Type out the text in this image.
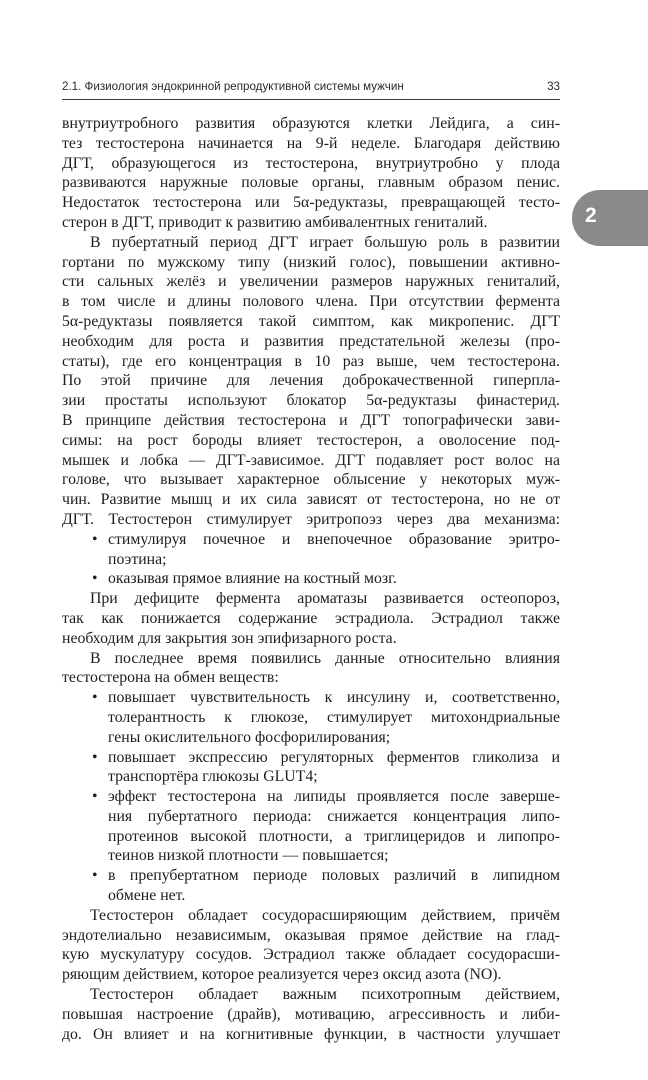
2.1. Физиология эндокринной репродуктивной системы мужчин	33
2
внутриутробного развития образуются клетки Лейдига, а син-
тез тестостерона начинается на 9-й неделе. Благодаря действию
ДГТ, образующегося из тестостерона, внутриутробно у плода
развиваются наружные половые органы, главным образом пенис.
Недостаток тестостерона или 5α-редуктазы, превращающей тесто-
стерон в ДГТ, приводит к развитию амбивалентных гениталий.
В пубертатный период ДГТ играет большую роль в развитии
гортани по мужскому типу (низкий голос), повышении активно-
сти сальных желёз и увеличении размеров наружных гениталий,
в том числе и длины полового члена. При отсутствии фермента
5α-редуктазы появляется такой симптом, как микропенис. ДГТ
необходим для роста и развития предстательной железы (про-
статы), где его концентрация в 10 раз выше, чем тестостерона.
По этой причине для лечения доброкачественной гиперпла-
зии простаты используют блокатор 5α-редуктазы финастерид.
В принципе действия тестостерона и ДГТ топографически зави-
симы: на рост бороды влияет тестостерон, а оволосение под-
мышек и лобка — ДГТ-зависимое. ДГТ подавляет рост волос на
голове, что вызывает характерное облысение у некоторых муж-
чин. Развитие мышц и их сила зависят от тестостерона, но не от
ДГТ. Тестостерон стимулирует эритропоэз через два механизма:
• стимулируя почечное и внепочечное образование эритро-
поэтина;
• оказывая прямое влияние на костный мозг.
При дефиците фермента ароматазы развивается остеопороз,
так как понижается содержание эстрадиола. Эстрадиол также
необходим для закрытия зон эпифизарного роста.
В последнее время появились данные относительно влияния
тестостерона на обмен веществ:
• повышает чувствительность к инсулину и, соответственно,
толерантность к глюкозе, стимулирует митохондриальные
гены окислительного фосфорилирования;
• повышает экспрессию регуляторных ферментов гликолиза и
транспортёра глюкозы GLUT4;
• эффект тестостерона на липиды проявляется после заверше-
ния пубертатного периода: снижается концентрация липо-
протеинов высокой плотности, а триглицеридов и липопро-
теинов низкой плотности — повышается;
• в препубертатном периоде половых различий в липидном
обмене нет.
Тестостерон обладает сосудорасширяющим действием, причём
эндотелиально независимым, оказывая прямое действие на глад-
кую мускулатуру сосудов. Эстрадиол также обладает сосудорасши-
ряющим действием, которое реализуется через оксид азота (NO).
Тестостерон обладает важным психотропным действием,
повышая настроение (драйв), мотивацию, агрессивность и либи-
до. Он влияет и на когнитивные функции, в частности улучшает
